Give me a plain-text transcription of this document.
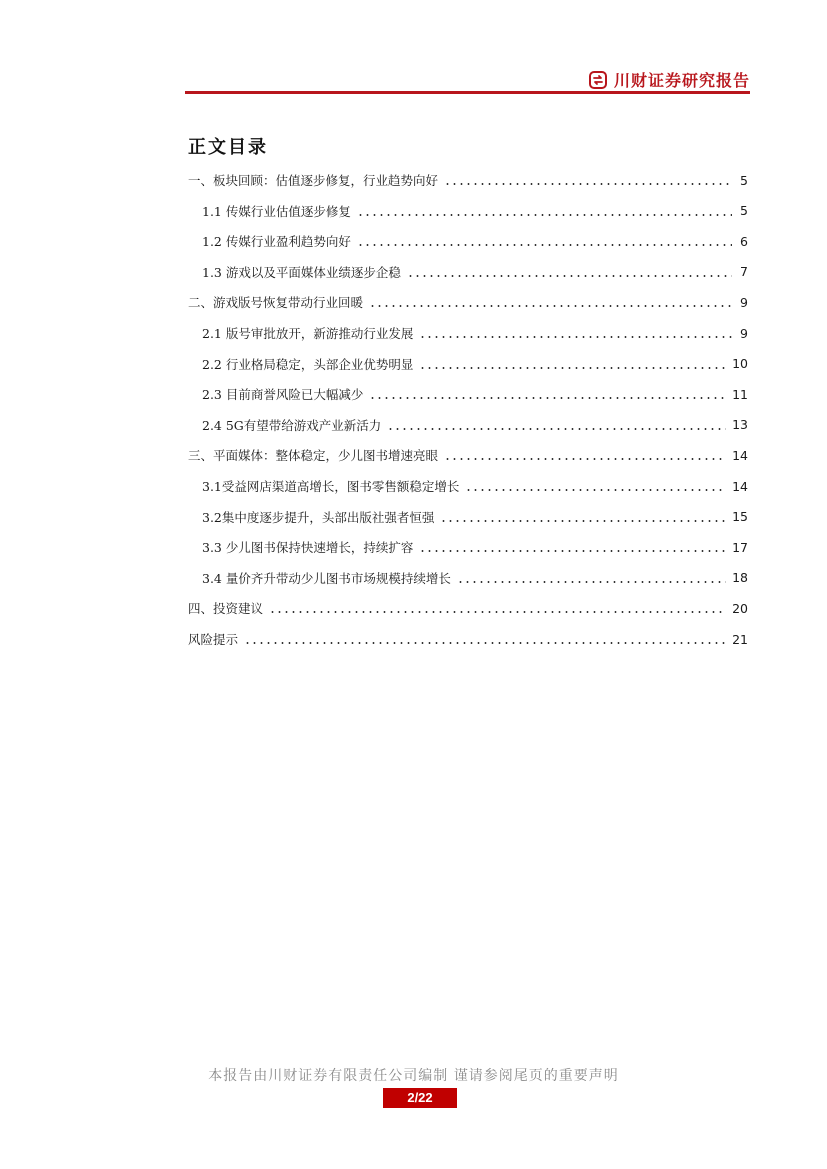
川财证券研究报告
正文目录
一、板块回顾：估值逐步修复，行业趋势向好	5
1.1 传媒行业估值逐步修复	5
1.2 传媒行业盈利趋势向好	6
1.3 游戏以及平面媒体业绩逐步企稳	7
二、游戏版号恢复带动行业回暖	9
2.1 版号审批放开，新游推动行业发展	9
2.2 行业格局稳定，头部企业优势明显	10
2.3 目前商誉风险已大幅减少	11
2.4 5G有望带给游戏产业新活力	13
三、平面媒体：整体稳定，少儿图书增速亮眼	14
3.1受益网店渠道高增长，图书零售额稳定增长	14
3.2集中度逐步提升，头部出版社强者恒强	15
3.3 少儿图书保持快速增长，持续扩容	17
3.4 量价齐升带动少儿图书市场规模持续增长	18
四、投资建议	20
风险提示	21
本报告由川财证券有限责任公司编制 谨请参阅尾页的重要声明
2/22
